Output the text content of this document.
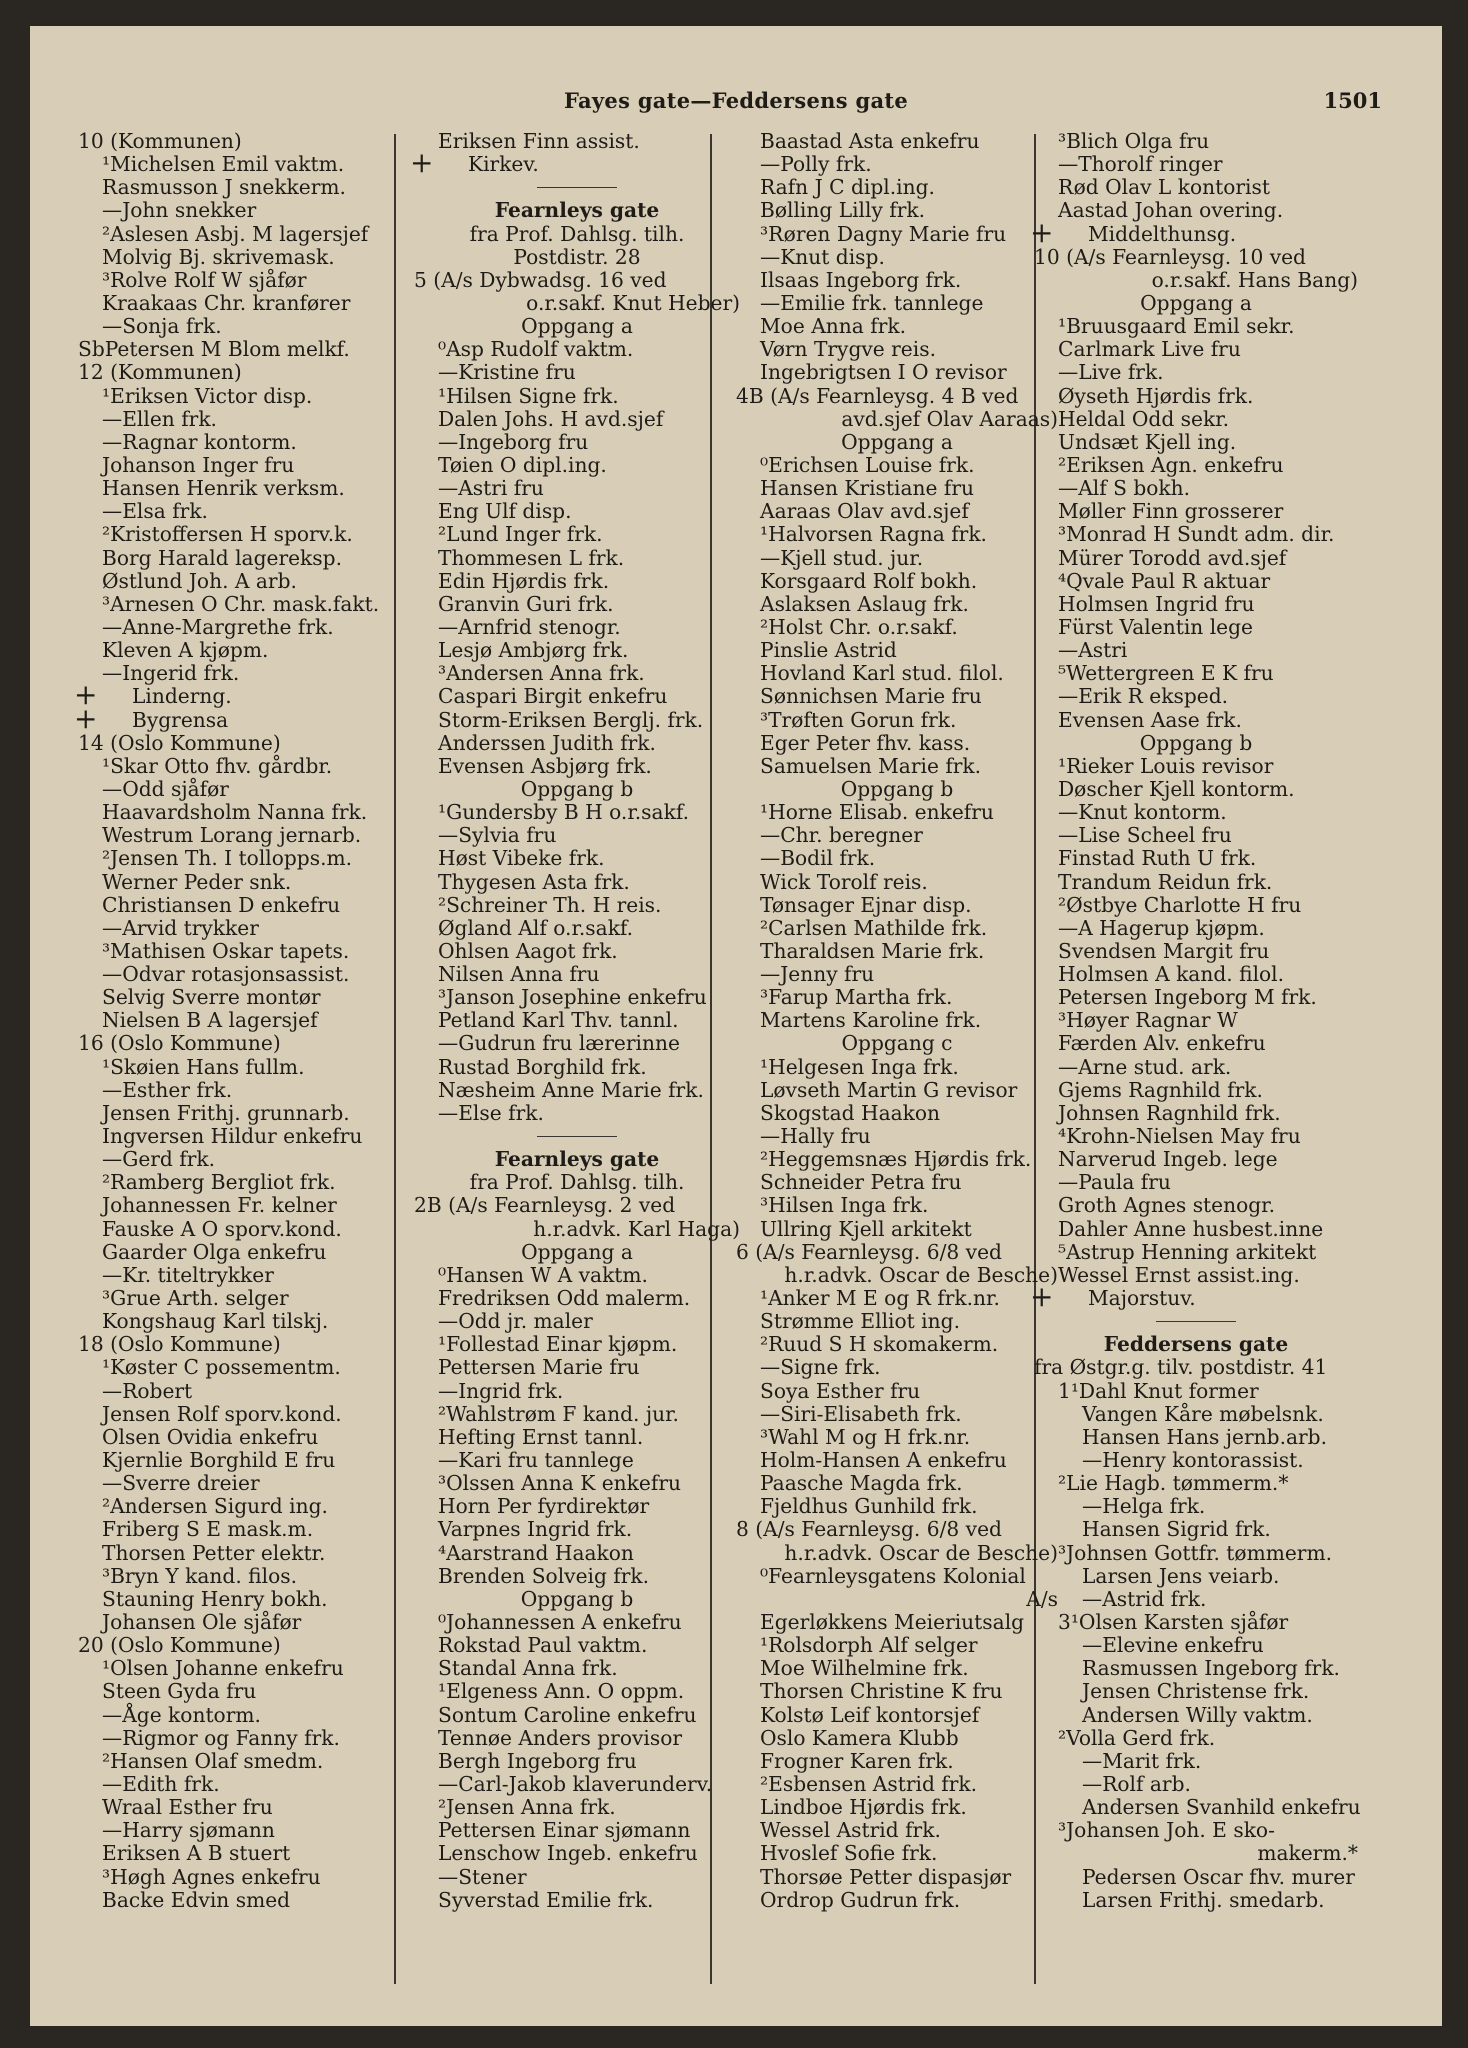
Fayes gate—Feddersens gate	1501
10 (Kommunen)
¹Michelsen Emil vaktm.
Rasmusson J snekkerm.
—John snekker
²Aslesen Asbj. M lagersjef
Molvig Bj. skrivemask.
³Rolve Rolf W sjåfør
Kraakaas Chr. kranfører
—Sonja frk.
SbPetersen M Blom melkf.
12 (Kommunen)
¹Eriksen Victor disp.
—Ellen frk.
—Ragnar kontorm.
Johanson Inger fru
Hansen Henrik verksm.
—Elsa frk.
²Kristoffersen H sporv.k.
Borg Harald lagereksp.
Østlund Joh. A arb.
³Arnesen O Chr. mask.fakt.
—Anne-Margrethe frk.
Kleven A kjøpm.
—Ingerid frk.
+ Linderng.
+ Bygrensa
14 (Oslo Kommune)
¹Skar Otto fhv. gårdbr.
—Odd sjåfør
Haavardsholm Nanna frk.
Westrum Lorang jernarb.
²Jensen Th. I tollopps.m.
Werner Peder snk.
Christiansen D enkefru
—Arvid trykker
³Mathisen Oskar tapets.
—Odvar rotasjonsassist.
Selvig Sverre montør
Nielsen B A lagersjef
16 (Oslo Kommune)
¹Skøien Hans fullm.
—Esther frk.
Jensen Frithj. grunnarb.
Ingversen Hildur enkefru
—Gerd frk.
²Ramberg Bergliot frk.
Johannessen Fr. kelner
Fauske A O sporv.kond.
Gaarder Olga enkefru
—Kr. titeltrykker
³Grue Arth. selger
Kongshaug Karl tilskj.
18 (Oslo Kommune)
¹Køster C possementm.
—Robert
Jensen Rolf sporv.kond.
Olsen Ovidia enkefru
Kjernlie Borghild E fru
—Sverre dreier
²Andersen Sigurd ing.
Friberg S E mask.m.
Thorsen Petter elektr.
³Bryn Y kand. filos.
Stauning Henry bokh.
Johansen Ole sjåfør
20 (Oslo Kommune)
¹Olsen Johanne enkefru
Steen Gyda fru
—Åge kontorm.
—Rigmor og Fanny frk.
²Hansen Olaf smedm.
—Edith frk.
Wraal Esther fru
—Harry sjømann
Eriksen A B stuert
³Høgh Agnes enkefru
Backe Edvin smed
Eriksen Finn assist.
+ Kirkev.
Fearnleys gate
fra Prof. Dahlsg. tilh.
Postdistr. 28
5 (A/s Dybwadsg. 16 ved
o.r.sakf. Knut Heber)
Oppgang a
⁰Asp Rudolf vaktm.
—Kristine fru
¹Hilsen Signe frk.
Dalen Johs. H avd.sjef
—Ingeborg fru
Tøien O dipl.ing.
—Astri fru
Eng Ulf disp.
²Lund Inger frk.
Thommesen L frk.
Edin Hjørdis frk.
Granvin Guri frk.
—Arnfrid stenogr.
Lesjø Ambjørg frk.
³Andersen Anna frk.
Caspari Birgit enkefru
Storm-Eriksen Berglj. frk.
Anderssen Judith frk.
Evensen Asbjørg frk.
Oppgang b
¹Gundersby B H o.r.sakf.
—Sylvia fru
Høst Vibeke frk.
Thygesen Asta frk.
²Schreiner Th. H reis.
Øgland Alf o.r.sakf.
Ohlsen Aagot frk.
Nilsen Anna fru
³Janson Josephine enkefru
Petland Karl Thv. tannl.
—Gudrun fru lærerinne
Rustad Borghild frk.
Næsheim Anne Marie frk.
—Else frk.
Fearnleys gate
fra Prof. Dahlsg. tilh.
2B (A/s Fearnleysg. 2 ved
h.r.advk. Karl Haga)
Oppgang a
⁰Hansen W A vaktm.
Fredriksen Odd malerm.
—Odd jr. maler
¹Follestad Einar kjøpm.
Pettersen Marie fru
—Ingrid frk.
²Wahlstrøm F kand. jur.
Hefting Ernst tannl.
—Kari fru tannlege
³Olssen Anna K enkefru
Horn Per fyrdirektør
Varpnes Ingrid frk.
⁴Aarstrand Haakon
Brenden Solveig frk.
Oppgang b
⁰Johannessen A enkefru
Rokstad Paul vaktm.
Standal Anna frk.
¹Elgeness Ann. O oppm.
Sontum Caroline enkefru
Tennøe Anders provisor
Bergh Ingeborg fru
—Carl-Jakob klaverunderv.
²Jensen Anna frk.
Pettersen Einar sjømann
Lenschow Ingeb. enkefru
—Stener
Syverstad Emilie frk.
Baastad Asta enkefru
—Polly frk.
Rafn J C dipl.ing.
Bølling Lilly frk.
³Røren Dagny Marie fru
—Knut disp.
Ilsaas Ingeborg frk.
—Emilie frk. tannlege
Moe Anna frk.
Vørn Trygve reis.
Ingebrigtsen I O revisor
4B (A/s Fearnleysg. 4 B ved
avd.sjef Olav Aaraas)
Oppgang a
⁰Erichsen Louise frk.
Hansen Kristiane fru
Aaraas Olav avd.sjef
¹Halvorsen Ragna frk.
—Kjell stud. jur.
Korsgaard Rolf bokh.
Aslaksen Aslaug frk.
²Holst Chr. o.r.sakf.
Pinslie Astrid
Hovland Karl stud. filol.
Sønnichsen Marie fru
³Trøften Gorun frk.
Eger Peter fhv. kass.
Samuelsen Marie frk.
Oppgang b
¹Horne Elisab. enkefru
—Chr. beregner
—Bodil frk.
Wick Torolf reis.
Tønsager Ejnar disp.
²Carlsen Mathilde frk.
Tharaldsen Marie frk.
—Jenny fru
³Farup Martha frk.
Martens Karoline frk.
Oppgang c
¹Helgesen Inga frk.
Løvseth Martin G revisor
Skogstad Haakon
—Hally fru
²Heggemsnæs Hjørdis frk.
Schneider Petra fru
³Hilsen Inga frk.
Ullring Kjell arkitekt
6 (A/s Fearnleysg. 6/8 ved
h.r.advk. Oscar de Besche)
¹Anker M E og R frk.nr.
Strømme Elliot ing.
²Ruud S H skomakerm.
—Signe frk.
Soya Esther fru
—Siri-Elisabeth frk.
³Wahl M og H frk.nr.
Holm-Hansen A enkefru
Paasche Magda frk.
Fjeldhus Gunhild frk.
8 (A/s Fearnleysg. 6/8 ved
h.r.advk. Oscar de Besche)
⁰Fearnleysgatens Kolonial
A/s
Egerløkkens Meieriutsalg
¹Rolsdorph Alf selger
Moe Wilhelmine frk.
Thorsen Christine K fru
Kolstø Leif kontorsjef
Oslo Kamera Klubb
Frogner Karen frk.
²Esbensen Astrid frk.
Lindboe Hjørdis frk.
Wessel Astrid frk.
Hvoslef Sofie frk.
Thorsøe Petter dispasjør
Ordrop Gudrun frk.
³Blich Olga fru
—Thorolf ringer
Rød Olav L kontorist
Aastad Johan overing.
+ Middelthunsg.
10 (A/s Fearnleysg. 10 ved
o.r.sakf. Hans Bang)
Oppgang a
¹Bruusgaard Emil sekr.
Carlmark Live fru
—Live frk.
Øyseth Hjørdis frk.
Heldal Odd sekr.
Undsæt Kjell ing.
²Eriksen Agn. enkefru
—Alf S bokh.
Møller Finn grosserer
³Monrad H Sundt adm. dir.
Mürer Torodd avd.sjef
⁴Qvale Paul R aktuar
Holmsen Ingrid fru
Fürst Valentin lege
—Astri
⁵Wettergreen E K fru
—Erik R eksped.
Evensen Aase frk.
Oppgang b
¹Rieker Louis revisor
Døscher Kjell kontorm.
—Knut kontorm.
—Lise Scheel fru
Finstad Ruth U frk.
Trandum Reidun frk.
²Østbye Charlotte H fru
—A Hagerup kjøpm.
Svendsen Margit fru
Holmsen A kand. filol.
Petersen Ingeborg M frk.
³Høyer Ragnar W
Færden Alv. enkefru
—Arne stud. ark.
Gjems Ragnhild frk.
Johnsen Ragnhild frk.
⁴Krohn-Nielsen May fru
Narverud Ingeb. lege
—Paula fru
Groth Agnes stenogr.
Dahler Anne husbest.inne
⁵Astrup Henning arkitekt
Wessel Ernst assist.ing.
+ Majorstuv.
Feddersens gate
fra Østgr.g. tilv. postdistr. 41
1¹Dahl Knut former
Vangen Kåre møbelsnk.
Hansen Hans jernb.arb.
—Henry kontorassist.
²Lie Hagb. tømmerm.*
—Helga frk.
Hansen Sigrid frk.
³Johnsen Gottfr. tømmerm.
Larsen Jens veiarb.
—Astrid frk.
3¹Olsen Karsten sjåfør
—Elevine enkefru
Rasmussen Ingeborg frk.
Jensen Christense frk.
Andersen Willy vaktm.
²Volla Gerd frk.
—Marit frk.
—Rolf arb.
Andersen Svanhild enkefru
³Johansen Joh. E sko-
makerm.*
Pedersen Oscar fhv. murer
Larsen Frithj. smedarb.
